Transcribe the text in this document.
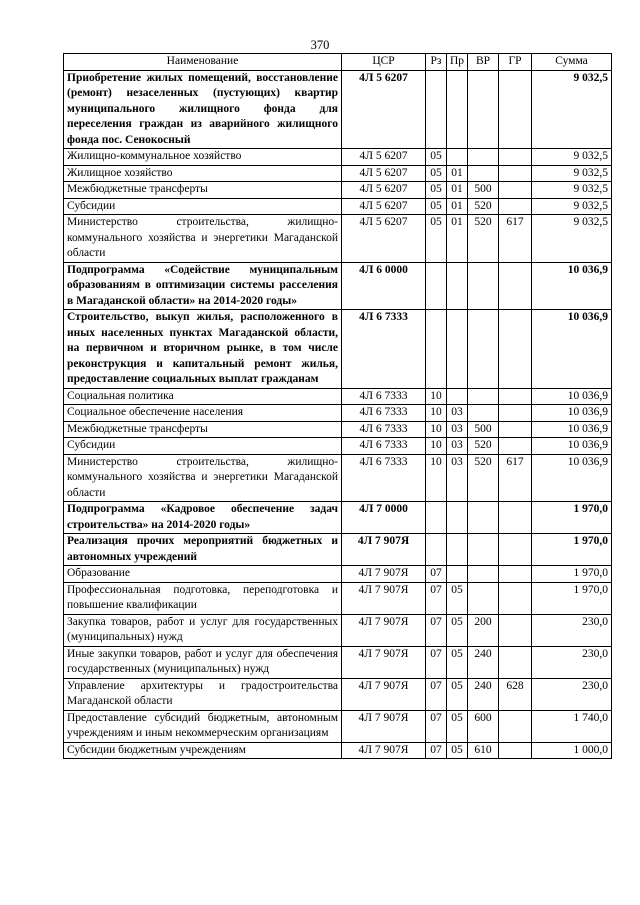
370
Наименование	ЦСР	Рз	Пр	ВР	ГР	Сумма
Приобретение жилых помещений, восстановление (ремонт) незаселенных (пустующих) квартир муниципального жилищного фонда для переселения граждан из аварийного жилищного фонда пос. Сенокосный	4Л 5 6207					9 032,5
Жилищно-коммунальное хозяйство	4Л 5 6207	05				9 032,5
Жилищное хозяйство	4Л 5 6207	05	01			9 032,5
Межбюджетные трансферты	4Л 5 6207	05	01	500		9 032,5
Субсидии	4Л 5 6207	05	01	520		9 032,5
Министерство строительства, жилищно-коммунального хозяйства и энергетики Магаданской области	4Л 5 6207	05	01	520	617	9 032,5
Подпрограмма «Содействие муниципальным образованиям в оптимизации системы расселения в Магаданской области» на 2014-2020 годы»	4Л 6 0000					10 036,9
Строительство, выкуп жилья, расположенного в иных населенных пунктах Магаданской области, на первичном и вторичном рынке, в том числе реконструкция и капитальный ремонт жилья, предоставление социальных выплат гражданам	4Л 6 7333					10 036,9
Социальная политика	4Л 6 7333	10				10 036,9
Социальное обеспечение населения	4Л 6 7333	10	03			10 036,9
Межбюджетные трансферты	4Л 6 7333	10	03	500		10 036,9
Субсидии	4Л 6 7333	10	03	520		10 036,9
Министерство строительства, жилищно-коммунального хозяйства и энергетики Магаданской области	4Л 6 7333	10	03	520	617	10 036,9
Подпрограмма «Кадровое обеспечение задач строительства» на 2014-2020 годы»	4Л 7 0000					1 970,0
Реализация прочих мероприятий бюджетных и автономных учреждений	4Л 7 907Я					1 970,0
Образование	4Л 7 907Я	07				1 970,0
Профессиональная подготовка, переподготовка и повышение квалификации	4Л 7 907Я	07	05			1 970,0
Закупка товаров, работ и услуг для государственных (муниципальных) нужд	4Л 7 907Я	07	05	200		230,0
Иные закупки товаров, работ и услуг для обеспечения государственных (муниципальных) нужд	4Л 7 907Я	07	05	240		230,0
Управление архитектуры и градостроительства Магаданской области	4Л 7 907Я	07	05	240	628	230,0
Предоставление субсидий бюджетным, автономным учреждениям и иным некоммерческим организациям	4Л 7 907Я	07	05	600		1 740,0
Субсидии бюджетным учреждениям	4Л 7 907Я	07	05	610		1 000,0
